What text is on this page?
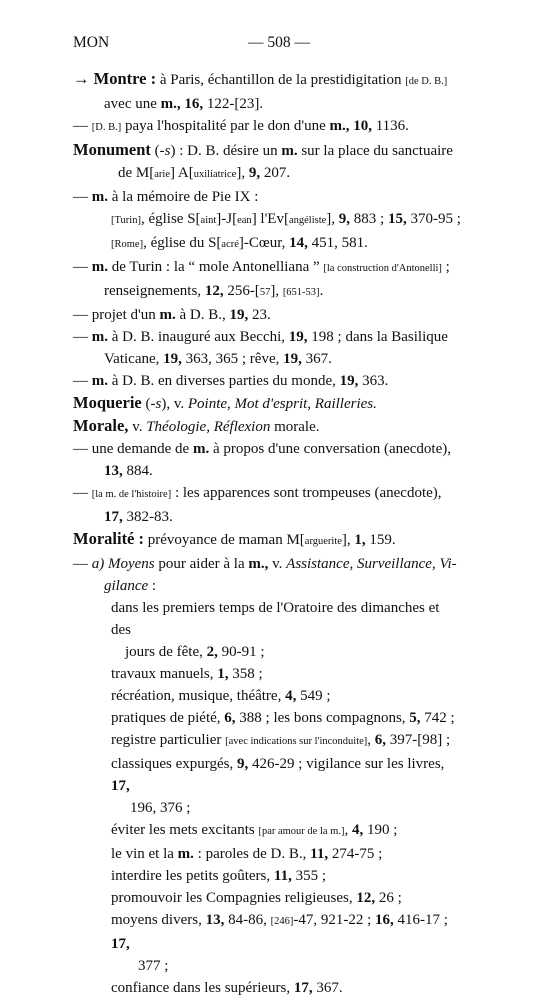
MON	— 508 —
→ Montre : à Paris, échantillon de la prestidigitation [de D. B.]
avec une m., 16, 122-[23].
— [D. B.] paya l'hospitalité par le don d'une m., 10, 1136.
Monument (-s) : D. B. désire un m. sur la place du sanctuaire
de M[arie] A[uxiliatrice], 9, 207.
— m. à la mémoire de Pie IX :
[Turin], église S[aint]-J[ean] l'Ev[angéliste], 9, 883 ; 15, 370-95 ;
[Rome], église du S[acré]-Cœur, 14, 451, 581.
— m. de Turin : la “ mole Antonelliana ” [la construction d'Antonelli] ;
renseignements, 12, 256-[57], [651-53].
— projet d'un m. à D. B., 19, 23.
— m. à D. B. inauguré aux Becchi, 19, 198 ; dans la Basilique
Vaticane, 19, 363, 365 ; rêve, 19, 367.
— m. à D. B. en diverses parties du monde, 19, 363.
Moquerie (-s), v. Pointe, Mot d'esprit, Railleries.
Morale, v. Théologie, Réflexion morale.
— une demande de m. à propos d'une conversation (anecdote),
13, 884.
— [la m. de l'histoire] : les apparences sont trompeuses (anecdote),
17, 382-83.
Moralité : prévoyance de maman M[arguerite], 1, 159.
— a) Moyens pour aider à la m., v. Assistance, Surveillance, Vi-
gilance :
dans les premiers temps de l'Oratoire des dimanches et des
jours de fête, 2, 90-91 ;
travaux manuels, 1, 358 ;
récréation, musique, théâtre, 4, 549 ;
pratiques de piété, 6, 388 ; les bons compagnons, 5, 742 ;
registre particulier [avec indications sur l'inconduite], 6, 397-[98] ;
classiques expurgés, 9, 426-29 ; vigilance sur les livres, 17,
196, 376 ;
éviter les mets excitants [par amour de la m.], 4, 190 ;
le vin et la m. : paroles de D. B., 11, 274-75 ;
interdire les petits goûters, 11, 355 ;
promouvoir les Compagnies religieuses, 12, 26 ;
moyens divers, 13, 84-86, [246]-47, 921-22 ; 16, 416-17 ; 17,
377 ;
confiance dans les supérieurs, 17, 367.
